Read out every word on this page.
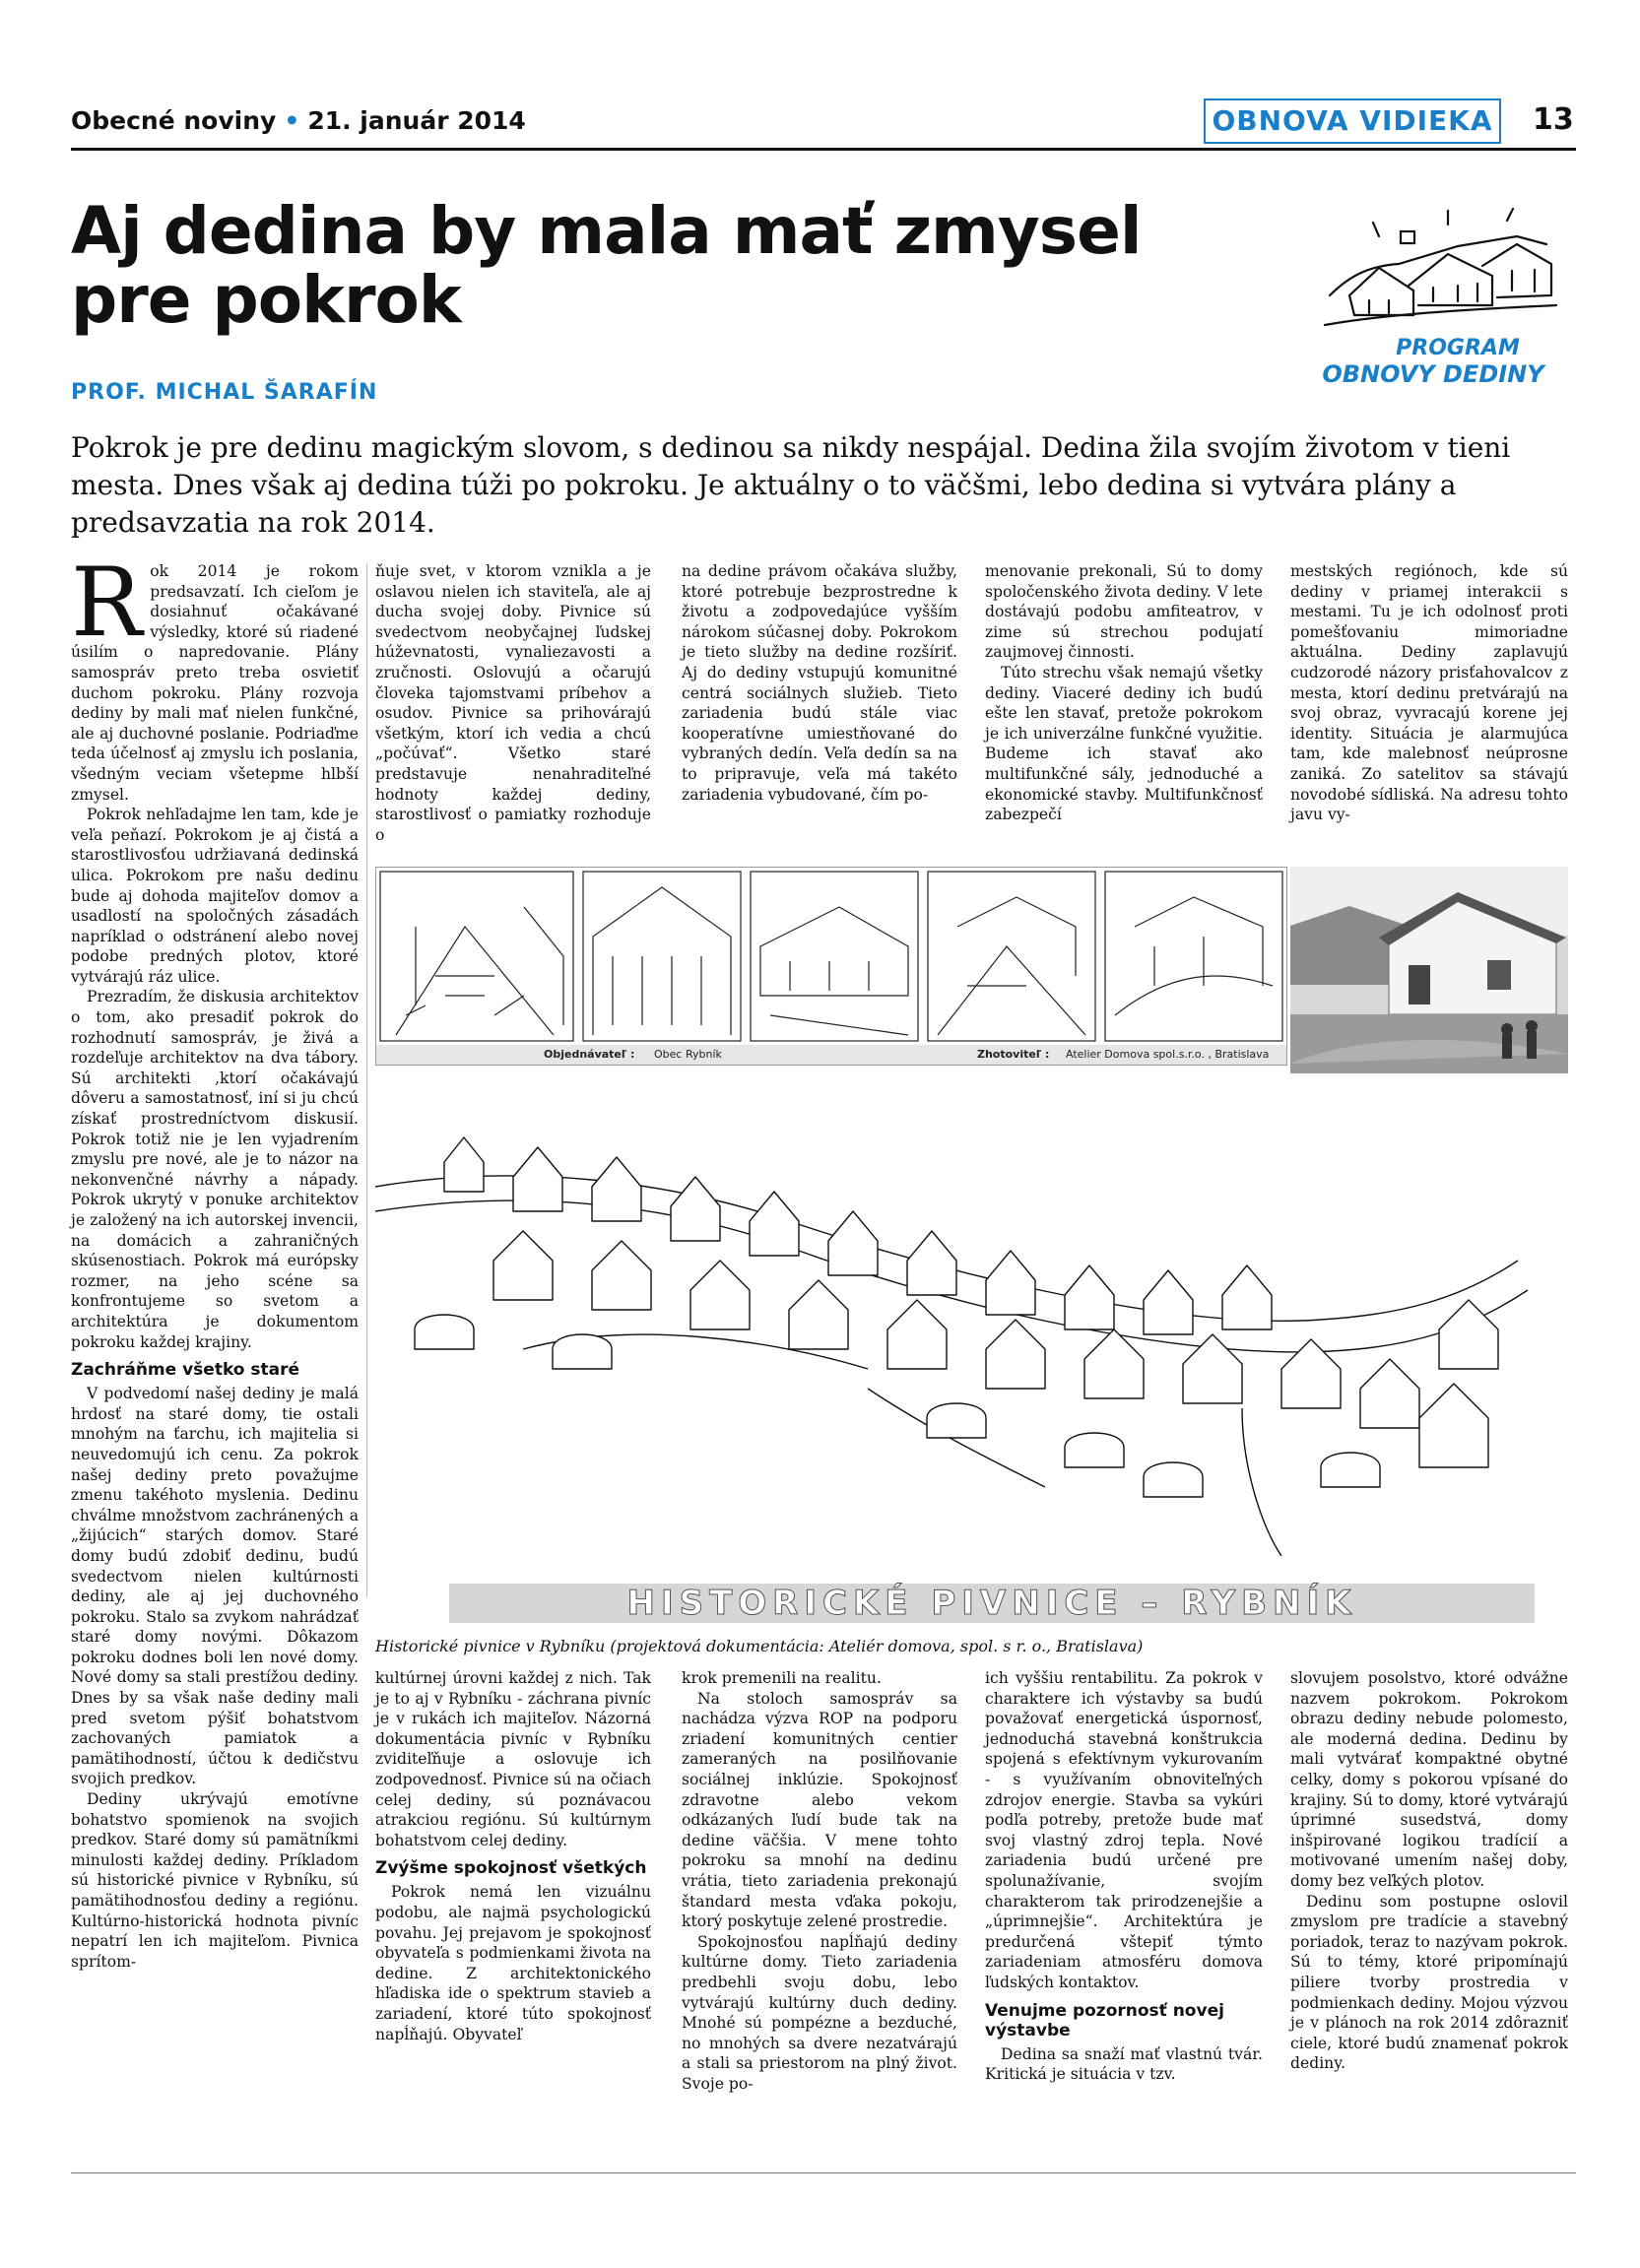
Obecné noviny • 21. január 2014	OBNOVA VIDIEKA 13
Aj dedina by mala mať zmysel
pre pokrok
PROF. MICHAL ŠARAFÍN
PROGRAM
OBNOVY DEDINY
Pokrok je pre dedinu magickým slovom, s dedinou sa nikdy nespájal. Dedina žila svojím životom v tieni mesta. Dnes však aj dedina túži po pokroku. Je aktuálny o to väčšmi, lebo dedina si vytvára plány a predsavzatia na rok 2014.

Rok 2014 je rokom predsavzatí. Ich cieľom je dosiahnuť očakávané výsledky, ktoré sú riadené úsilím o napredovanie. Plány samospráv preto treba osvietiť duchom pokroku. Plány rozvoja dediny by mali mať nielen funkčné, ale aj duchovné poslanie. Podriaďme teda účelnosť aj zmyslu ich poslania, všedným veciam všetepme hlbší zmysel.

Pokrok nehľadajme len tam, kde je veľa peňazí. Pokrokom je aj čistá a starostlivosťou udržiavaná dedinská ulica. Pokrokom pre našu dedinu bude aj dohoda majiteľov domov a usadlostí na spoločných zásadách napríklad o odstránení alebo novej podobe predných plotov, ktoré vytvárajú ráz ulice.

Prezradím, že diskusia architektov o tom, ako presadiť pokrok do rozhodnutí samospráv, je živá a rozdeľuje architektov na dva tábory. Sú architekti ‚ktorí očakávajú dôveru a samostatnosť, iní si ju chcú získať prostredníctvom diskusií. Pokrok totiž nie je len vyjadrením zmyslu pre nové, ale je to názor na nekonvenčné návrhy a nápady. Pokrok ukrytý v ponuke architektov je založený na ich autorskej invencii, na domácich a zahraničných skúsenostiach. Pokrok má európsky rozmer, na jeho scéne sa konfrontujeme so svetom a architektúra je dokumentom pokroku každej krajiny.

Zachráňme všetko staré

V podvedomí našej dediny je malá hrdosť na staré domy, tie ostali mnohým na ťarchu, ich majitelia si neuvedomujú ich cenu. Za pokrok našej dediny preto považujme zmenu takéhoto myslenia. Dedinu chválme množstvom zachránených a „žijúcich“ starých domov. Staré domy budú zdobiť dedinu, budú svedectvom nielen kultúrnosti dediny, ale aj jej duchovného pokroku. Stalo sa zvykom nahrádzať staré domy novými. Dôkazom pokroku dodnes boli len nové domy. Nové domy sa stali prestížou dediny. Dnes by sa však naše dediny mali pred svetom pýšiť bohatstvom zachovaných pamiatok a pamätihodností, účtou k dedičstvu svojich predkov.

Dediny ukrývajú emotívne bohatstvo spomienok na svojich predkov. Staré domy sú pamätníkmi minulosti každej dediny. Príkladom sú historické pivnice v Rybníku, sú pamätihodnosťou dediny a regiónu. Kultúrno-historická hodnota pivníc nepatrí len ich majiteľom. Pivnica sprítom-

ňuje svet, v ktorom vznikla a je oslavou nielen ich staviteľa, ale aj ducha svojej doby. Pivnice sú svedectvom neobyčajnej ľudskej húževnatosti, vynaliezavosti a zručnosti. Oslovujú a očarujú človeka tajomstvami príbehov a osudov. Pivnice sa prihovárajú všetkým, ktorí ich vedia a chcú „počúvať“. Všetko staré predstavuje nenahraditeľné hodnoty každej dediny, starostlivosť o pamiatky rozhoduje o

na dedine právom očakáva služby, ktoré potrebuje bezprostredne k životu a zodpovedajúce vyšším nárokom súčasnej doby. Pokrokom je tieto služby na dedine rozšíriť. Aj do dediny vstupujú komunitné centrá sociálnych služieb. Tieto zariadenia budú stále viac kooperatívne umiestňované do vybraných dedín. Veľa dedín sa na to pripravuje, veľa má takéto zariadenia vybudované, čím po-

menovanie prekonali, Sú to domy spoločenského života dediny. V lete dostávajú podobu amfiteatrov, v zime sú strechou podujatí zaujmovej činnosti.

Túto strechu však nemajú všetky dediny. Viaceré dediny ich budú ešte len stavať, pretože pokrokom je ich univerzálne funkčné využitie. Budeme ich stavať ako multifunkčné sály, jednoduché a ekonomické stavby. Multifunkčnosť zabezpečí

mestských regiónoch, kde sú dediny v priamej interakcii s mestami. Tu je ich odolnosť proti pomešťovaniu mimoriadne aktuálna. Dediny zaplavujú cudzorodé názory prisťahovalcov z mesta, ktorí dedinu pretvárajú na svoj obraz, vyvracajú korene jej identity. Situácia je alarmujúca tam, kde malebnosť neúprosne zaniká. Zo satelitov sa stávajú novodobé sídliská. Na adresu tohto javu vy-

Objednávateľ : Obec Rybník	Zhotoviteľ : Atelier Domova spol.s.r.o. , Bratislava
HISTORICKÉ PIVNICE – RYBNÍK
Historické pivnice v Rybníku (projektová dokumentácia: Ateliér domova, spol. s r. o., Bratislava)

kultúrnej úrovni každej z nich. Tak je to aj v Rybníku - záchrana pivníc je v rukách ich majiteľov. Názorná dokumentácia pivníc v Rybníku zviditeľňuje a oslovuje ich zodpovednosť. Pivnice sú na očiach celej dediny, sú poznávacou atrakciou regiónu. Sú kultúrnym bohatstvom celej dediny.

Zvýšme spokojnosť všetkých

Pokrok nemá len vizuálnu podobu, ale najmä psychologickú povahu. Jej prejavom je spokojnosť obyvateľa s podmienkami života na dedine. Z architektonického hľadiska ide o spektrum stavieb a zariadení, ktoré túto spokojnosť napĺňajú. Obyvateľ

krok premenili na realitu.

Na stoloch samospráv sa nachádza výzva ROP na podporu zriadení komunitných centier zameraných na posilňovanie sociálnej inklúzie. Spokojnosť zdravotne alebo vekom odkázaných ľudí bude tak na dedine väčšia. V mene tohto pokroku sa mnohí na dedinu vrátia, tieto zariadenia prekonajú štandard mesta vďaka pokoju, ktorý poskytuje zelené prostredie.

Spokojnosťou napĺňajú dediny kultúrne domy. Tieto zariadenia predbehli svoju dobu, lebo vytvárajú kultúrny duch dediny. Mnohé sú pompézne a bezduché, no mnohých sa dvere nezatvárajú a stali sa priestorom na plný život. Svoje po-

ich vyššiu rentabilitu. Za pokrok v charaktere ich výstavby sa budú považovať energetická úspornosť, jednoduchá stavebná konštrukcia spojená s efektívnym vykurovaním - s využívaním obnoviteľných zdrojov energie. Stavba sa vykúri podľa potreby, pretože bude mať svoj vlastný zdroj tepla. Nové zariadenia budú určené pre spolunažívanie, svojím charakterom tak prirodzenejšie a „úprimnejšie“. Architektúra je predurčená vštepiť týmto zariadeniam atmosféru domova ľudských kontaktov.

Venujme pozornosť novej výstavbe

Dedina sa snaží mať vlastnú tvár. Kritická je situácia v tzv.

slovujem posolstvo, ktoré odvážne nazvem pokrokom. Pokrokom obrazu dediny nebude polomesto, ale moderná dedina. Dedinu by mali vytvárať kompaktné obytné celky, domy s pokorou vpísané do krajiny. Sú to domy, ktoré vytvárajú úprimné susedstvá, domy inšpirované logikou tradícií a motivované umením našej doby, domy bez veľkých plotov.

Dedinu som postupne oslovil zmyslom pre tradície a stavebný poriadok, teraz to nazývam pokrok. Sú to témy, ktoré pripomínajú piliere tvorby prostredia v podmienkach dediny. Mojou výzvou je v plánoch na rok 2014 zdôrazniť ciele, ktoré budú znamenať pokrok dediny.
